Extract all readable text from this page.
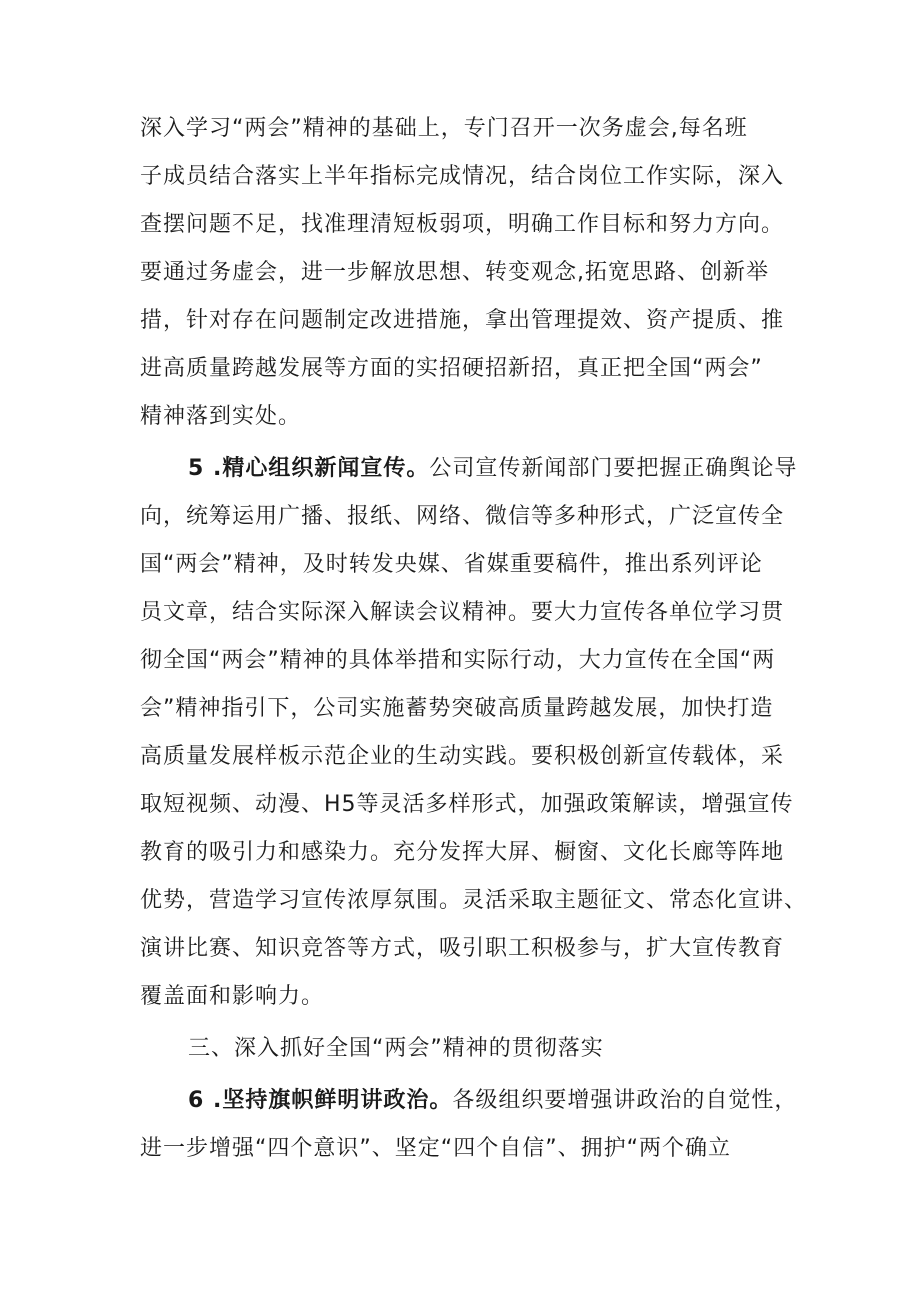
深入学习“两会”精神的基础上，专门召开一次务虚会,每名班
子成员结合落实上半年指标完成情况，结合岗位工作实际，深入
查摆问题不足，找准理清短板弱项，明确工作目标和努力方向。
要通过务虚会，进一步解放思想、转变观念,拓宽思路、创新举
措，针对存在问题制定改进措施，拿出管理提效、资产提质、推
进高质量跨越发展等方面的实招硬招新招，真正把全国“两会”
精神落到实处。
5 .精心组织新闻宣传。公司宣传新闻部门要把握正确舆论导
向，统筹运用广播、报纸、网络、微信等多种形式，广泛宣传全
国“两会”精神，及时转发央媒、省媒重要稿件，推出系列评论
员文章，结合实际深入解读会议精神。要大力宣传各单位学习贯
彻全国“两会”精神的具体举措和实际行动，大力宣传在全国“两
会”精神指引下，公司实施蓄势突破高质量跨越发展，加快打造
高质量发展样板示范企业的生动实践。要积极创新宣传载体，采
取短视频、动漫、H5等灵活多样形式，加强政策解读，增强宣传
教育的吸引力和感染力。充分发挥大屏、橱窗、文化长廊等阵地
优势，营造学习宣传浓厚氛围。灵活采取主题征文、常态化宣讲、
演讲比赛、知识竞答等方式，吸引职工积极参与，扩大宣传教育
覆盖面和影响力。
三、深入抓好全国“两会”精神的贯彻落实
6 .坚持旗帜鲜明讲政治。各级组织要增强讲政治的自觉性，
进一步增强“四个意识”、坚定“四个自信”、拥护“两个确立
